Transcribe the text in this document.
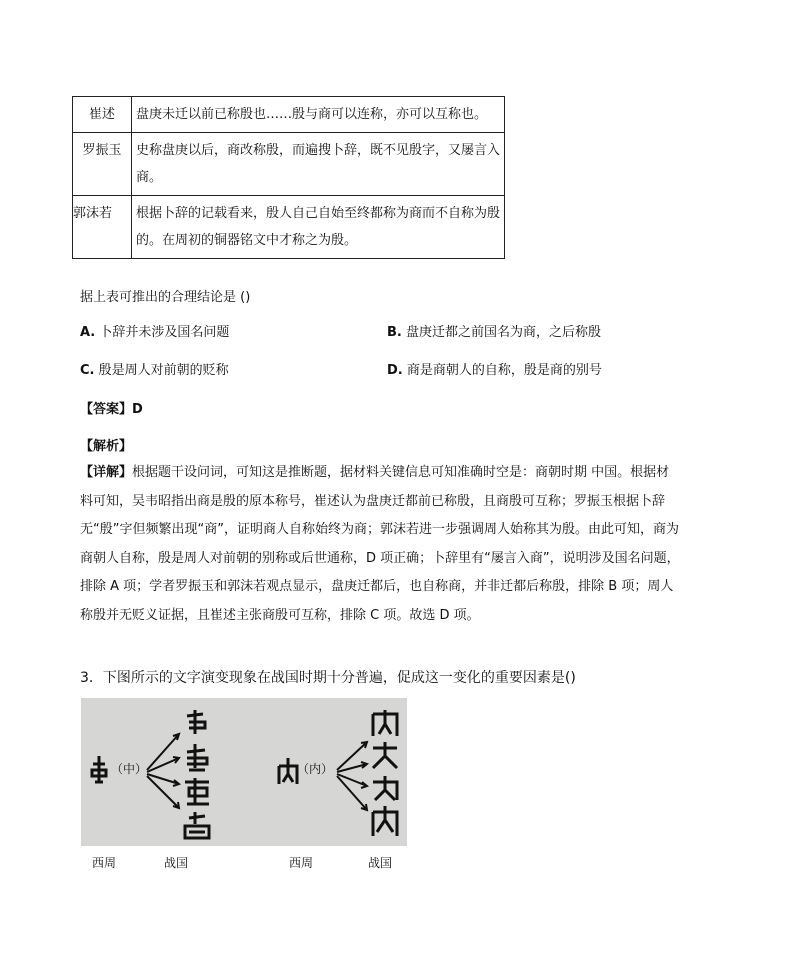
崔述	盘庚未迁以前已称殷也……殷与商可以连称，亦可以互称也。
罗振玉	史称盘庚以后，商改称殷，而遍搜卜辞，既不见殷字，又屡言入商。
郭沫若	根据卜辞的记载看来，殷人自己自始至终都称为商而不自称为殷的。在周初的铜器铭文中才称之为殷。
据上表可推出的合理结论是 ()
A. 卜辞并未涉及国名问题	B. 盘庚迁都之前国名为商，之后称殷
C. 殷是周人对前朝的贬称	D. 商是商朝人的自称，殷是商的别号
【答案】D
【解析】
【详解】根据题干设问词，可知这是推断题，据材料关键信息可知准确时空是：商朝时期 中国。根据材料可知，吴韦昭指出商是殷的原本称号，崔述认为盘庚迁都前已称殷，且商殷可互称；罗振玉根据卜辞无“殷”字但频繁出现“商”，证明商人自称始终为商；郭沫若进一步强调周人始称其为殷。由此可知，商为商朝人自称，殷是周人对前朝的别称或后世通称，D 项正确；卜辞里有“屡言入商”，说明涉及国名问题，排除 A 项；学者罗振玉和郭沫若观点显示，盘庚迁都后，也自称商，并非迁都后称殷，排除 B 项；周人称殷并无贬义证据，且崔述主张商殷可互称，排除 C 项。故选 D 项。
3．下图所示的文字演变现象在战国时期十分普遍，促成这一变化的重要因素是()
（中）	（内）
西周	战国	西周	战国
